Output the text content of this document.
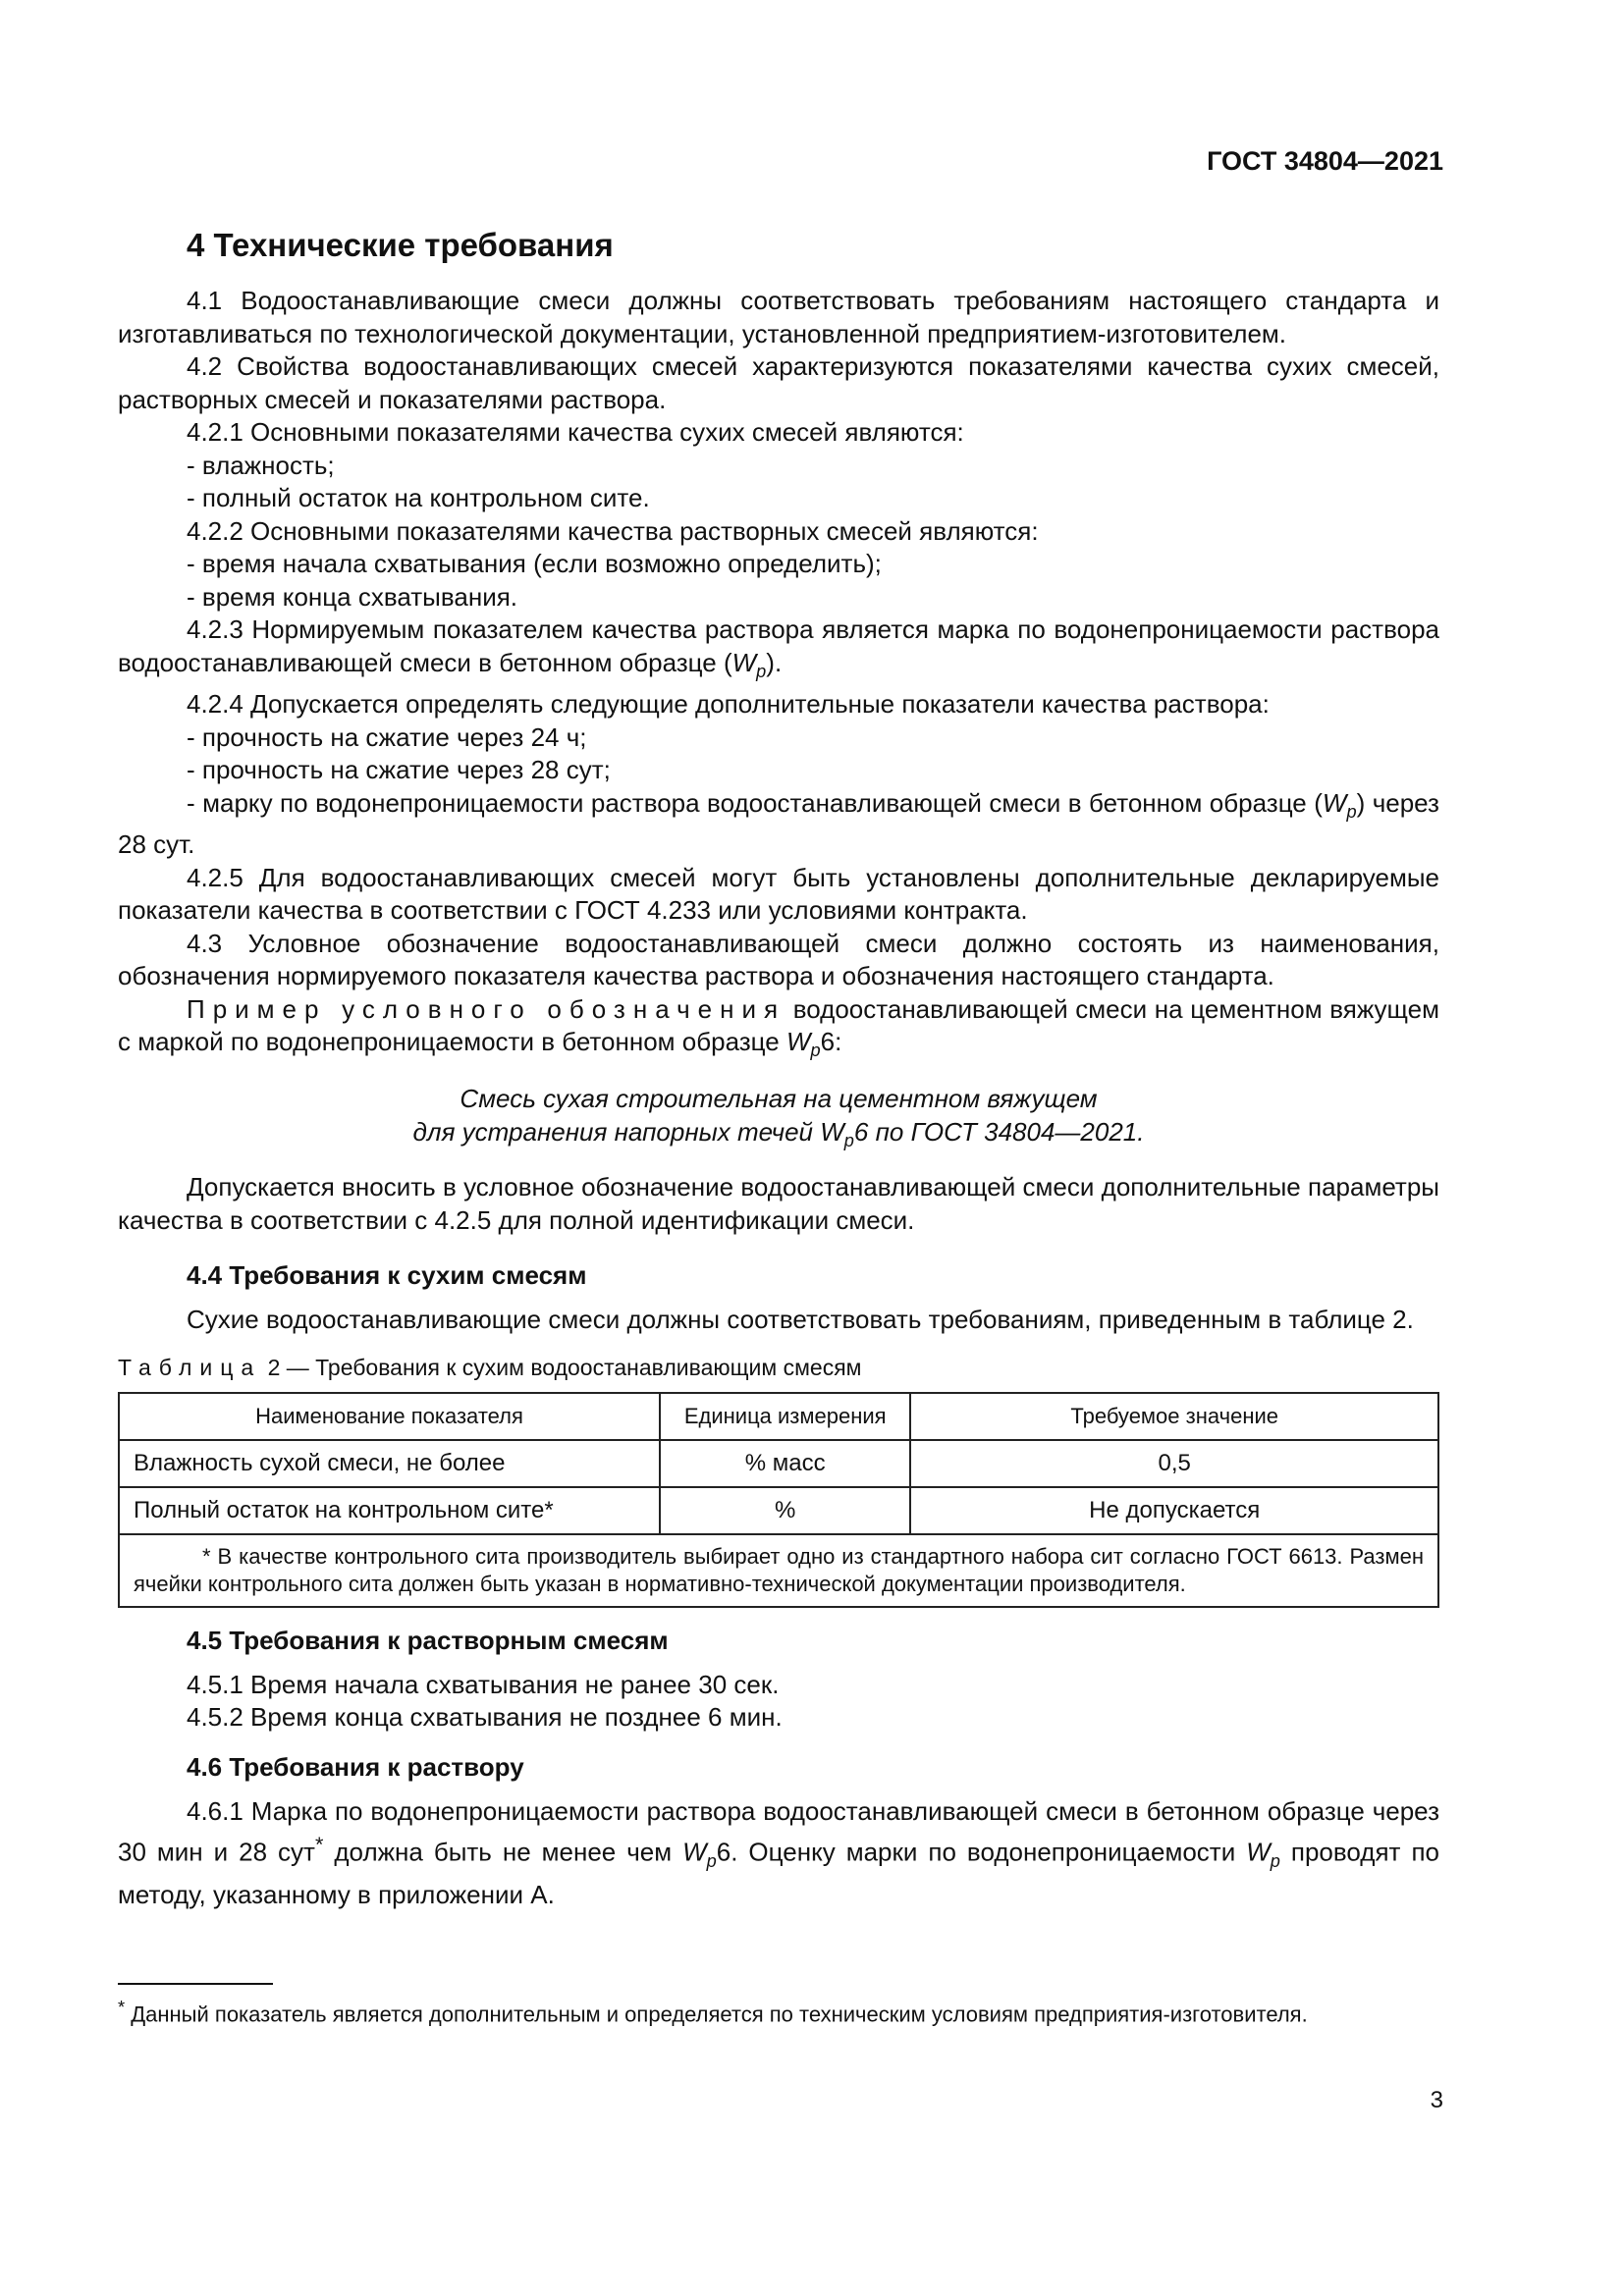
ГОСТ 34804—2021
4 Технические требования

4.1 Водоостанавливающие смеси должны соответствовать требованиям настоящего стандарта и изготавливаться по технологической документации, установленной предприятием-изготовителем.

4.2 Свойства водоостанавливающих смесей характеризуются показателями качества сухих смесей, растворных смесей и показателями раствора.

4.2.1 Основными показателями качества сухих смесей являются:

- влажность;

- полный остаток на контрольном сите.

4.2.2 Основными показателями качества растворных смесей являются:

- время начала схватывания (если возможно определить);

- время конца схватывания.

4.2.3 Нормируемым показателем качества раствора является марка по водонепроницаемости раствора водоостанавливающей смеси в бетонном образце $(W_p)$.

4.2.4 Допускается определять следующие дополнительные показатели качества раствора:

- прочность на сжатие через 24 ч;

- прочность на сжатие через 28 сут;

- марку по водонепроницаемости раствора водоостанавливающей смеси в бетонном образце $(W_p)$ через 28 сут.

4.2.5 Для водоостанавливающих смесей могут быть установлены дополнительные декларируемые показатели качества в соответствии с ГОСТ 4.233 или условиями контракта.

4.3 Условное обозначение водоостанавливающей смеси должно состоять из наименования, обозначения нормируемого показателя качества раствора и обозначения настоящего стандарта.

Пример условного обозначения водоостанавливающей смеси на цементном вяжущем с маркой по водонепроницаемости в бетонном образце $W_p6$:

Смесь сухая строительная на цементном вяжущем

для устранения напорных течей $W_p6$ по ГОСТ 34804—2021.

Допускается вносить в условное обозначение водоостанавливающей смеси дополнительные параметры качества в соответствии с 4.2.5 для полной идентификации смеси.

4.4 Требования к сухим смесям

Сухие водоостанавливающие смеси должны соответствовать требованиям, приведенным в таблице 2.

Таблица 2 — Требования к сухим водоостанавливающим смесям

Наименование показателя	Единица измерения	Требуемое значение
Влажность сухой смеси, не более	% масс	0,5
Полный остаток на контрольном сите*	%	Не допускается
* В качестве контрольного сита производитель выбирает одно из стандартного набора сит согласно ГОСТ 6613. Размен ячейки контрольного сита должен быть указан в нормативно-технической документации производителя.		

4.5 Требования к растворным смесям

4.5.1 Время начала схватывания не ранее 30 сек.

4.5.2 Время конца схватывания не позднее 6 мин.

4.6 Требования к раствору

4.6.1 Марка по водонепроницаемости раствора водоостанавливающей смеси в бетонном образце через 30 мин и 28 сут* должна быть не менее чем $W_p6$. Оценку марки по водонепроницаемости $W_p$ проводят по методу, указанному в приложении А.

* Данный показатель является дополнительным и определяется по техническим условиям предприятия-изготовителя.
3
